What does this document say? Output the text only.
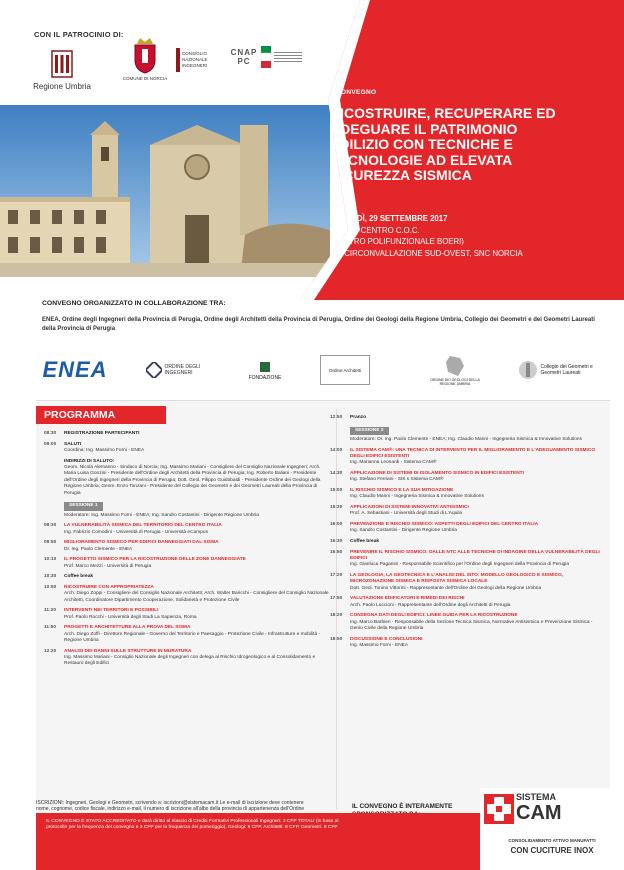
CON IL PATROCINIO DI:
Regione Umbria
COMUNE DI NORCIA
CONSIGLIO NAZIONALE INGEGNERI
CNAPPC
CONVEGNO
RICOSTRUIRE, RECUPERARE ED ADEGUARE IL PATRIMONIO EDILIZIO CON TECNICHE E TECNOLOGIE AD ELEVATA SICUREZZA SISMICA
VENERDÌ, 29 SETTEMBRE 2017
NUOVO CENTRO C.O.C.
(CENTRO POLIFUNZIONALE BOERI)
VIA CIRCONVALLAZIONE SUD-OVEST, SNC NORCIA
CONVEGNO ORGANIZZATO IN COLLABORAZIONE TRA:
ENEA, Ordine degli Ingegneri della Provincia di Perugia, Ordine degli Architetti della Provincia di Perugia, Ordine dei Geologi della Regione Umbria, Collegio dei Geometri e dei Geometri Laureati della Provincia di Perugia
ENEA	ORDINE DEGLI INGEGNERI
FONDAZIONE
Ordine Architetti
ORDINE DEI GEOLOGI DELLA REGIONE UMBRIA
Collegio dei Geometri e Geometri Laureati
PROGRAMMA
08:30	REGISTRAZIONE PARTECIPANTI
09:00	SALUTI
Coordina: Ing. Massimo Forni - ENEA
INDIRIZZI DI SALUTO:
Geom. Nicola Alemanno - Sindaco di Norcia; Ing. Massimo Mariani - Consigliere del Consiglio Nazionale Ingegneri; Arch. Maria Luisa Gonzini - Presidente dell'Ordine degli Architetti della Provincia di Perugia; Ing. Roberto Baliani - Presidente dell'Ordine degli Ingegneri della Provincia di Perugia; Dott. Geol. Filippo Guidobaldi - Presidente Ordine dei Geologi della Regione Umbria; Geom. Enzo Tonzani - Presidente del Collegio dei Geometri e dei Geometri Laureati della Provincia di Perugia
SESSIONE 1
Moderatore: Ing. Massimo Forni - ENEA; Ing. Sandro Costantini - Dirigente Regione Umbria
09:30	LA VULNERABILITÀ SISMICA DEL TERRITORIO DEL CENTRO ITALIA
Ing. Fabrizio Comodini - Università di Perugia - Università eCampus
09:50	MIGLIORAMENTO SISMICO PER EDIFICI DANNEGGIATI DAL SISMA
Dr. Ing. Paolo Clemente - ENEA
10:10	IL PROGETTO SISMICO PER LA RICOSTRUZIONE DELLE ZONE DANNEGGIATE
Prof. Marco Mezzi - Università di Perugia
10:30	Coffee break
10:50	RICOSTRUIRE CON APPROPRIATEZZA
Arch. Diego Zoppi - Consigliere del Consiglio Nazionale Architetti; Arch. Walter Baricchi - Consigliere del Consiglio Nazionale Architetti, Coordinatore Dipartimento Cooperazione, Solidarietà e Protezione Civile
11:20	INTERVENTI NEI TERRITORI E POSSIBILI
Prof. Paolo Rocchi - Università degli Studi La Sapienza, Roma
11:50	PROGETTI E ARCHITETTURE ALLA PROVA DEL SISMA
Arch. Diego Zoffi - Direttore Regionale - Governo del Territorio e Paesaggio - Protezione Civile - Infrastrutture e mobilità - Regione Umbria
12:20	ANALISI DEI DANNI SULLE STRUTTURE IN MURATURA
Ing. Massimo Mariani - Consiglio Nazionale degli Ingegneri con delega al Rischio Idrogeologico e al Consolidamento e Restauro degli Edifici
12:50	Pranzo
SESSIONE 2
Moderatore: Dr. Ing. Paolo Clemente - ENEA; Ing. Claudio Manni - Ingegneria Sismica & Innovative Solutions
14:00	IL SISTEMA CAM®: UNA TECNICA DI INTERVENTO PER IL MIGLIORAMENTO E L'ADEGUAMENTO SISMICO DEGLI EDIFICI ESISTENTI
Ing. Marianna Leonardi - Sistema CAM®
14:30	APPLICAZIONE DI SISTEMI DI ISOLAMENTO SISMICO IN EDIFICI ESISTENTI
Ing. Stefano Ferriani - SIS s Sistema CAM®
15:00	IL RISCHIO SISMICO E LA SUA MITIGAZIONE
Ing. Claudio Manni - Ingegneria Sismica & Innovative Solutions
15:30	APPLICAZIONI DI SISTEMI INNOVATIVI ANTISISMICI
Prof. A. Sebastiani - Università degli Studi di L'Aquila
16:00	PREVENZIONE E RISCHIO SISMICO: ASPETTI DEGLI EDIFICI DEL CENTRO ITALIA
Ing. Sandro Costantini - Dirigente Regione Umbria
16:30	Coffee break
16:50	PREVENIRE IL RISCHIO SISMICO: DALLE NTC ALLE TECNICHE DI INDAGINE DELLA VULNERABILITÀ DEGLI EDIFICI
Ing. Gianluca Paganini - Responsabile Scientifico per l'Ordine degli Ingegneri della Provincia di Perugia
17:20	LA GEOLOGIA, LA GEOTECNICA E L'ANALISI DEL SITO: MODELLO GEOLOGICO E SISMICO, MICROZONAZIONE SISMICA E RISPOSTA SISMICA LOCALE
Dott. Geol. Tonino Vittorini - Rappresentante dell'Ordine dei Geologi della Regione Umbria
17:50	VALUTAZIONE EDIFICATORI E RIMEDI DEI RISCHI
Arch. Paolo Luccioni - Rappresentante dell'Ordine degli Architetti di Perugia
18:20	CONSEGNA DATI DEGLI EDIFICI: LINEE GUIDA PER LA RICOSTRUZIONE
Ing. Marco Barbieri - Responsabile della Sezione Tecnica Sismica, Normative Antisismica e Prevenzione Sismica - Genio Civile della Regione Umbria
18:50	DISCUSSIONE E CONCLUSIONI
Ing. Massimo Forni - ENEA
ISCRIZIONI: Ingegneri, Geologi e Geometri, scrivendo a: iscrizioni@sistemacam.it Le e-mail di iscrizione deve contenere nome, cognome, codice fiscale, indirizzo e-mail, il numero di iscrizione all'albo della provincia di appartenenza dell'Ordine	IL CONVEGNO È INTERAMENTE

IL CONVEGNO È STATO ACCREDITATO e dará diritto al rilascio di Crediti Formativi Professionali Ingegneri: 3 CFP TOTALI (in base al protocollo per la frequenza del convegno e 3 CFP per la frequenza dei pomeriggio), Geologi: 8 CFP, Architetti: 8 CFP, Geometri: 8 CFP

SISTEMA
CAM
CONSOLIDAMENTO ATTIVO MANUFATTI
CON CUCITURE INOX
